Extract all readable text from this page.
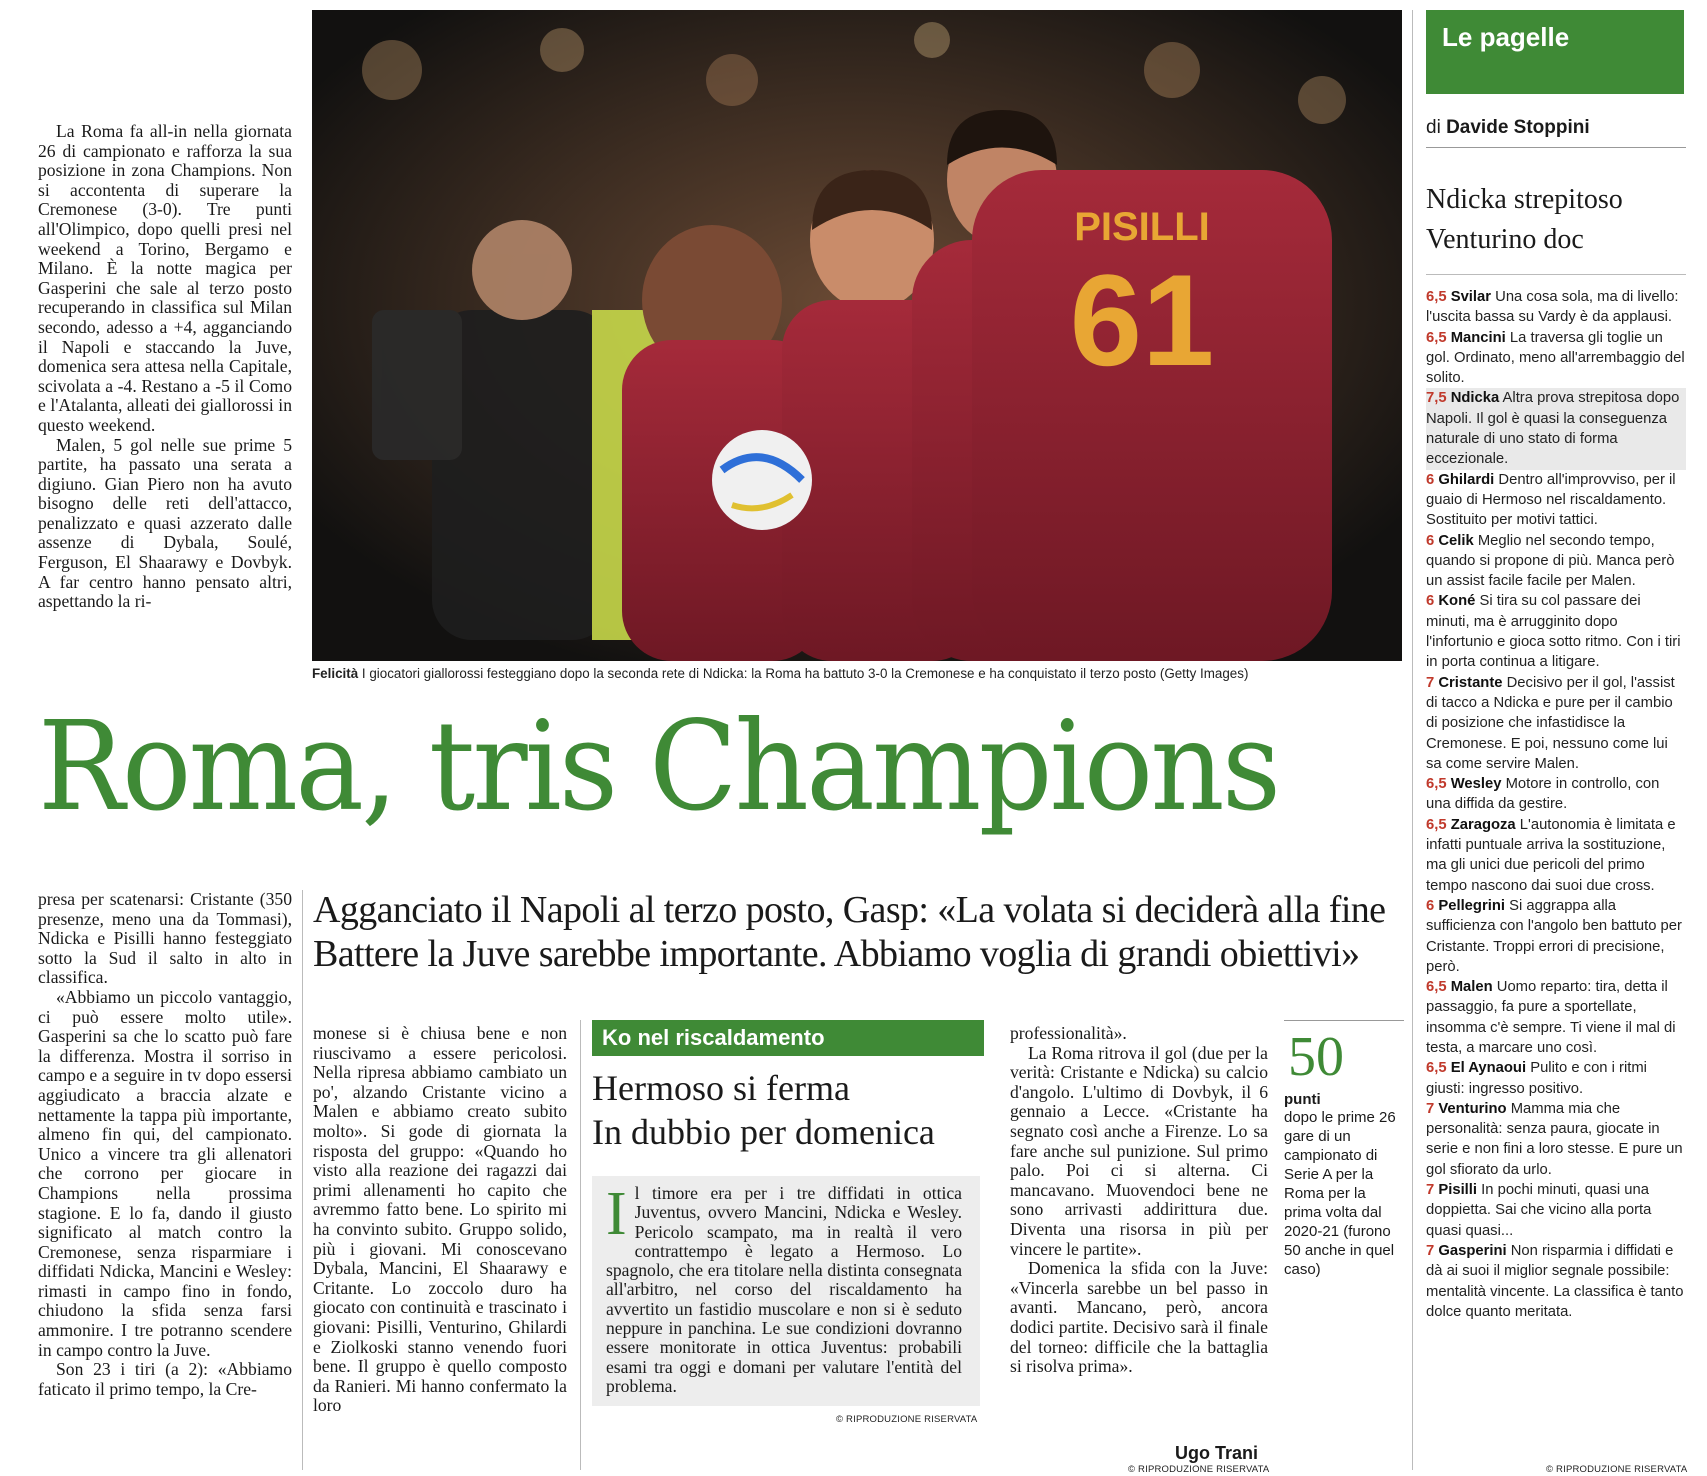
La Roma fa all-in nella giornata 26 di campionato e rafforza la sua posizione in zona Champions. Non si accontenta di superare la Cremonese (3-0). Tre punti all'Olimpico, dopo quelli presi nel weekend a Torino, Bergamo e Milano. È la notte magica per Gasperini che sale al terzo posto recuperando in classifica sul Milan secondo, adesso a +4, agganciando il Napoli e staccando la Juve, domenica sera attesa nella Capitale, scivolata a -4. Restano a -5 il Como e l'Atalanta, alleati dei giallorossi in questo weekend.

Malen, 5 gol nelle sue prime 5 partite, ha passato una serata a digiuno. Gian Piero non ha avuto bisogno delle reti dell'attacco, penalizzato e quasi azzerato dalle assenze di Dybala, Soulé, Ferguson, El Shaarawy e Dovbyk. A far centro hanno pensato altri, aspettando la ri-

PISILLI
61
Felicità I giocatori giallorossi festeggiano dopo la seconda rete di Ndicka: la Roma ha battuto 3-0 la Cremonese e ha conquistato il terzo posto (Getty Images)
Roma, tris Champions

presa per scatenarsi: Cristante (350 presenze, meno una da Tommasi), Ndicka e Pisilli hanno festeggiato sotto la Sud il salto in alto in classifica.

«Abbiamo un piccolo vantaggio, ci può essere molto utile». Gasperini sa che lo scatto può fare la differenza. Mostra il sorriso in campo e a seguire in tv dopo essersi aggiudicato a braccia alzate e nettamente la tappa più importante, almeno fin qui, del campionato. Unico a vincere tra gli allenatori che corrono per giocare in Champions nella prossima stagione. E lo fa, dando il giusto significato al match contro la Cremonese, senza risparmiare i diffidati Ndicka, Mancini e Wesley: rimasti in campo fino in fondo, chiudono la sfida senza farsi ammonire. I tre potranno scendere in campo contro la Juve.

Son 23 i tiri (a 2): «Abbiamo faticato il primo tempo, la Cre-

Agganciato il Napoli al terzo posto, Gasp: «La volata si deciderà alla fine
Battere la Juve sarebbe importante. Abbiamo voglia di grandi obiettivi»

monese si è chiusa bene e non riuscivamo a essere pericolosi. Nella ripresa abbiamo cambiato un po', alzando Cristante vicino a Malen e abbiamo creato subito molto». Si gode di giornata la risposta del gruppo: «Quando ho visto alla reazione dei ragazzi dai primi allenamenti ho capito che avremmo fatto bene. Lo spirito mi ha convinto subito. Gruppo solido, più i giovani. Mi conoscevano Dybala, Mancini, El Shaarawy e Critante. Lo zoccolo duro ha giocato con continuità e trascinato i giovani: Pisilli, Venturino, Ghilardi e Ziolkoski stanno venendo fuori bene. Il gruppo è quello composto da Ranieri. Mi hanno confermato la loro

Ko nel riscaldamento
Hermoso si ferma
In dubbio per domenica
Il timore era per i tre diffidati in ottica Juventus, ovvero Mancini, Ndicka e Wesley. Pericolo scampato, ma in realtà il vero contrattempo è legato a Hermoso. Lo spagnolo, che era titolare nella distinta consegnata all'arbitro, nel corso del riscaldamento ha avvertito un fastidio muscolare e non si è seduto neppure in panchina. Le sue condizioni dovranno essere monitorate in ottica Juventus: probabili esami tra oggi e domani per valutare l'entità del problema.
© RIPRODUZIONE RISERVATA

professionalità».

La Roma ritrova il gol (due per la verità: Cristante e Ndicka) su calcio d'angolo. L'ultimo di Dovbyk, il 6 gennaio a Lecce. «Cristante ha segnato così anche a Firenze. Lo sa fare anche sul punizione. Sul primo palo. Poi ci si alterna. Ci mancavano. Muovendoci bene ne sono arrivasti addirittura due. Diventa una risorsa in più per vincere le partite».

Domenica la sfida con la Juve: «Vincerla sarebbe un bel passo in avanti. Mancano, però, ancora dodici partite. Decisivo sarà il finale del torneo: difficile che la battaglia si risolva prima».

Ugo Trani
© RIPRODUZIONE RISERVATA
50
punti
dopo le prime 26 gare di un campionato di Serie A per la Roma per la prima volta dal 2020-21 (furono 50 anche in quel caso)
Le pagelle
di Davide Stoppini
Ndicka strepitoso
Venturino doc
6,5 Svilar Una cosa sola, ma di livello: l'uscita bassa su Vardy è da applausi.
6,5 Mancini La traversa gli toglie un gol. Ordinato, meno all'arrembaggio del solito.
7,5 Ndicka Altra prova strepitosa dopo Napoli. Il gol è quasi la conseguenza naturale di uno stato di forma eccezionale.
6 Ghilardi Dentro all'improvviso, per il guaio di Hermoso nel riscaldamento. Sostituito per motivi tattici.
6 Celik Meglio nel secondo tempo, quando si propone di più. Manca però un assist facile facile per Malen.
6 Koné Si tira su col passare dei minuti, ma è arrugginito dopo l'infortunio e gioca sotto ritmo. Con i tiri in porta continua a litigare.
7 Cristante Decisivo per il gol, l'assist di tacco a Ndicka e pure per il cambio di posizione che infastidisce la Cremonese. E poi, nessuno come lui sa come servire Malen.
6,5 Wesley Motore in controllo, con una diffida da gestire.
6,5 Zaragoza L'autonomia è limitata e infatti puntuale arriva la sostituzione, ma gli unici due pericoli del primo tempo nascono dai suoi due cross.
6 Pellegrini Si aggrappa alla sufficienza con l'angolo ben battuto per Cristante. Troppi errori di precisione, però.
6,5 Malen Uomo reparto: tira, detta il passaggio, fa pure a sportellate, insomma c'è sempre. Ti viene il mal di testa, a marcare uno così.
6,5 El Aynaoui Pulito e con i ritmi giusti: ingresso positivo.
7 Venturino Mamma mia che personalità: senza paura, giocate in serie e non fini a loro stesse. E pure un gol sfiorato da urlo.
7 Pisilli In pochi minuti, quasi una doppietta. Sai che vicino alla porta quasi quasi...
7 Gasperini Non risparmia i diffidati e dà ai suoi il miglior segnale possibile: mentalità vincente. La classifica è tanto dolce quanto meritata.
© RIPRODUZIONE RISERVATA
